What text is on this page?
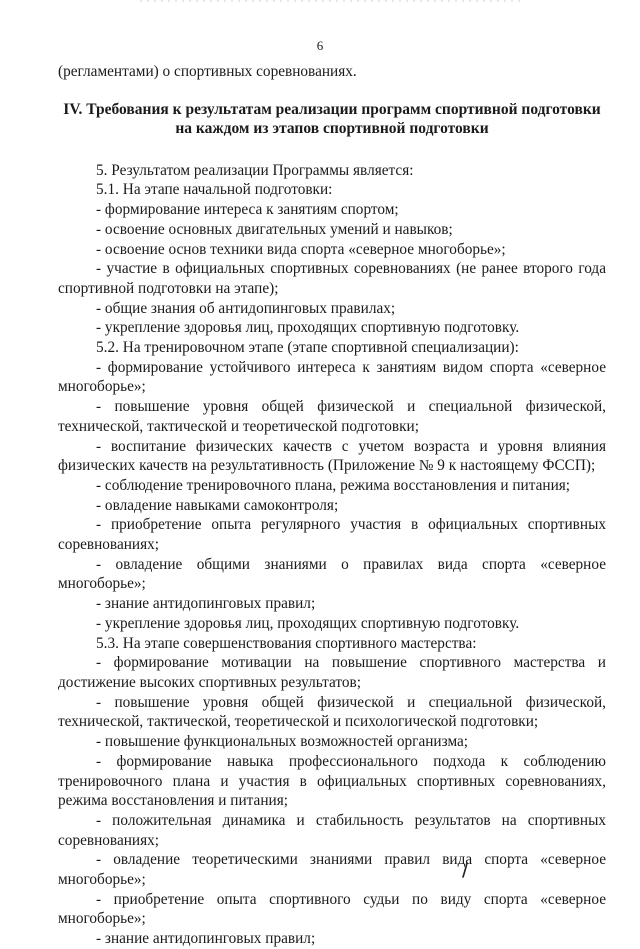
6

(регламентами) о спортивных соревнованиях.

IV. Требования к результатам реализации программ спортивной подготовки
на каждом из этапов спортивной подготовки

5. Результатом реализации Программы является:

5.1. На этапе начальной подготовки:

- формирование интереса к занятиям спортом;

- освоение основных двигательных умений и навыков;

- освоение основ техники вида спорта «северное многоборье»;

- участие в официальных спортивных соревнованиях (не ранее второго года спортивной подготовки на этапе);

- общие знания об антидопинговых правилах;

- укрепление здоровья лиц, проходящих спортивную подготовку.

5.2. На тренировочном этапе (этапе спортивной специализации):

- формирование устойчивого интереса к занятиям видом спорта «северное многоборье»;

- повышение уровня общей физической и специальной физической, технической, тактической и теоретической подготовки;

- воспитание физических качеств с учетом возраста и уровня влияния физических качеств на результативность (Приложение № 9 к настоящему ФССП);

- соблюдение тренировочного плана, режима восстановления и питания;

- овладение навыками самоконтроля;

- приобретение опыта регулярного участия в официальных спортивных соревнованиях;

- овладение общими знаниями о правилах вида спорта «северное многоборье»;

- знание антидопинговых правил;

- укрепление здоровья лиц, проходящих спортивную подготовку.

5.3. На этапе совершенствования спортивного мастерства:

- формирование мотивации на повышение спортивного мастерства и достижение высоких спортивных результатов;

- повышение уровня общей физической и специальной физической, технической, тактической, теоретической и психологической подготовки;

- повышение функциональных возможностей организма;

- формирование навыка профессионального подхода к соблюдению тренировочного плана и участия в официальных спортивных соревнованиях, режима восстановления и питания;

- положительная динамика и стабильность результатов на спортивных соревнованиях;

- овладение теоретическими знаниями правил вида спорта «северное многоборье»;

- приобретение опыта спортивного судьи по виду спорта «северное многоборье»;

- знание антидопинговых правил;
